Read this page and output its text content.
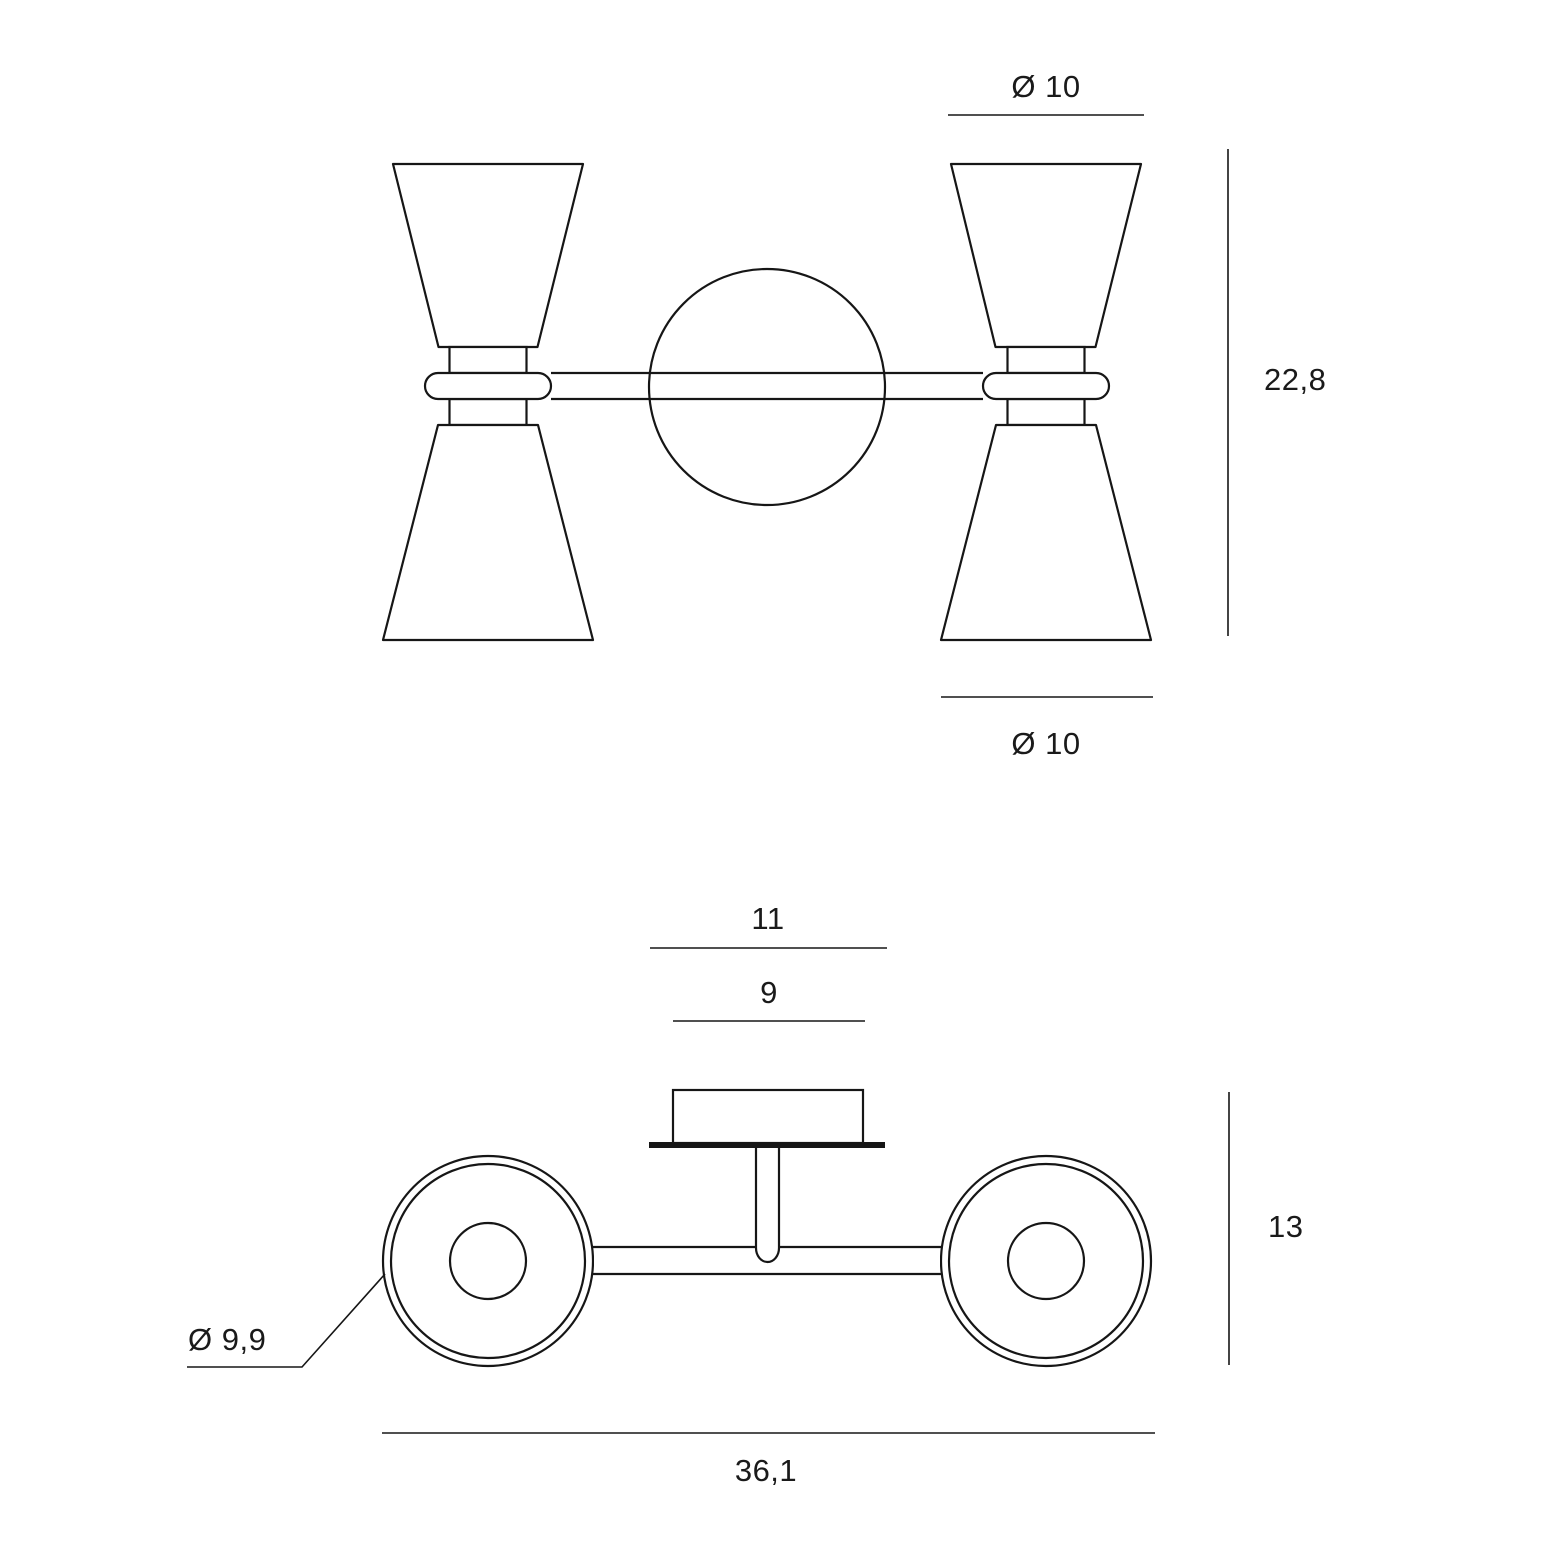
Ø 10
22,8
Ø 10
11
9
13
Ø 9,9
36,1
